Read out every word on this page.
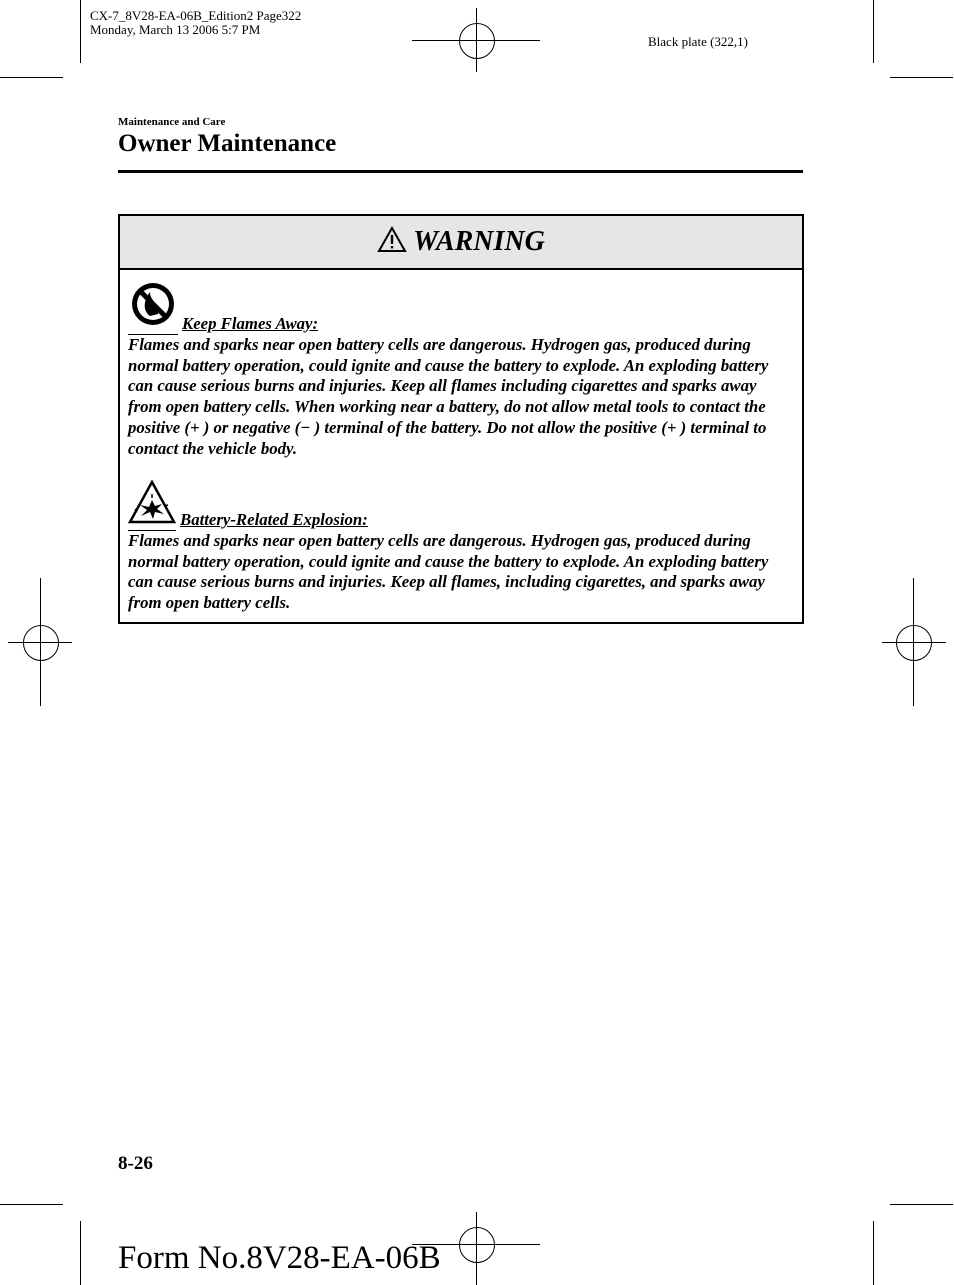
CX-7_8V28-EA-06B_Edition2 Page322
Monday, March 13 2006 5:7 PM
Black plate (322,1)
Maintenance and Care
Owner Maintenance
WARNING
Keep Flames Away:
Flames and sparks near open battery cells are dangerous. Hydrogen gas, produced during normal battery operation, could ignite and cause the battery to explode. An exploding battery can cause serious burns and injuries. Keep all flames including cigarettes and sparks away from open battery cells. When working near a battery, do not allow metal tools to contact the positive (+ ) or negative (− ) terminal of the battery. Do not allow the positive (+ ) terminal to contact the vehicle body.
Battery-Related Explosion:
Flames and sparks near open battery cells are dangerous. Hydrogen gas, produced during normal battery operation, could ignite and cause the battery to explode. An exploding battery can cause serious burns and injuries. Keep all flames, including cigarettes, and sparks away from open battery cells.
8-26
Form No.8V28-EA-06B
